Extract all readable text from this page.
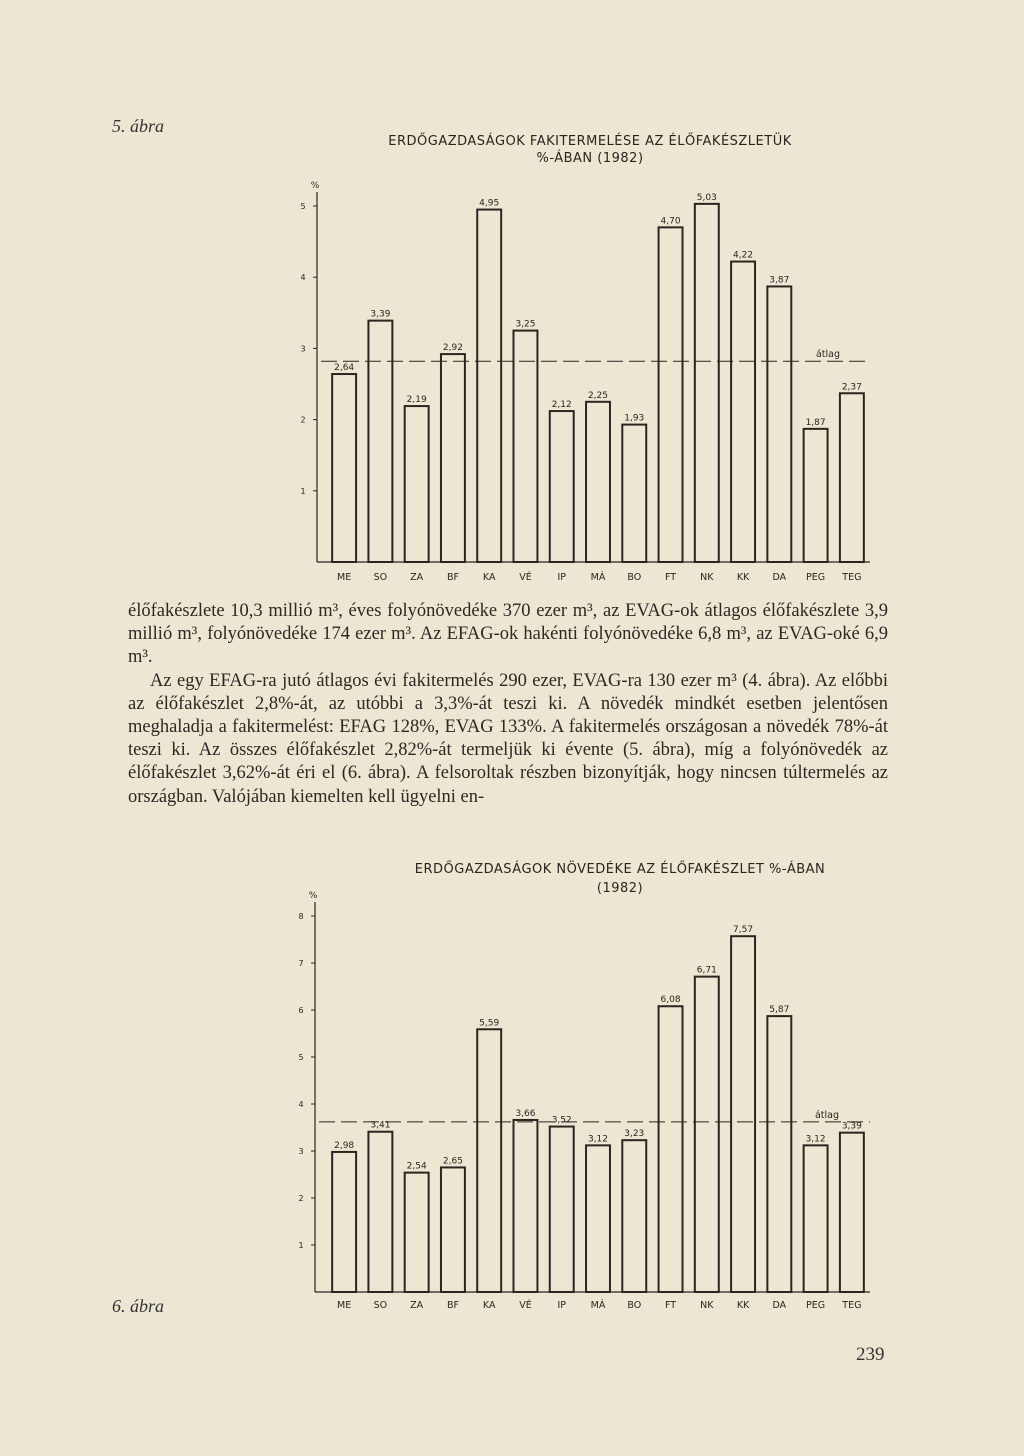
5. ábra
ERDŐGAZDASÁGOK FAKITERMELÉSE AZ ÉLŐFAKÉSZLETÜK
%-ÁBAN (1982)
%
1
2
3
4
5
2,64
ME
3,39
SO
2,19
ZA
2,92
BF
4,95
KA
3,25
VÉ
2,12
IP
2,25
MÁ
1,93
BO
4,70
FT
5,03
NK
4,22
KK
3,87
DA
1,87
PEG
2,37
TEG
átlag

élőfakészlete 10,3 millió m³, éves folyónövedéke 370 ezer m³, az EVAG-ok átlagos élőfakészlete 3,9 millió m³, folyónövedéke 174 ezer m³. Az EFAG-ok hakénti folyónövedéke 6,8 m³, az EVAG-oké 6,9 m³.

Az egy EFAG-ra jutó átlagos évi fakitermelés 290 ezer, EVAG-ra 130 ezer m³ (4. ábra). Az előbbi az élőfakészlet 2,8%-át, az utóbbi a 3,3%-át teszi ki. A növedék mindkét esetben jelentősen meghaladja a fakitermelést: EFAG 128%, EVAG 133%. A fakitermelés országosan a növedék 78%-át teszi ki. Az összes élőfakészlet 2,82%-át termeljük ki évente (5. ábra), míg a folyónövedék az élőfakészlet 3,62%-át éri el (6. ábra). A felsoroltak részben bizonyítják, hogy nincsen túltermelés az országban. Valójában kiemelten kell ügyelni en-

ERDŐGAZDASÁGOK NÖVEDÉKE AZ ÉLŐFAKÉSZLET %-ÁBAN
(1982)
%
1
2
3
4
5
6
7
8
2,98
ME
3,41
SO
2,54
ZA
2,65
BF
5,59
KA
3,66
VÉ
3,52
IP
3,12
MÁ
3,23
BO
6,08
FT
6,71
NK
7,57
KK
5,87
DA
3,12
PEG
3,39
TEG
átlag
6. ábra
239
